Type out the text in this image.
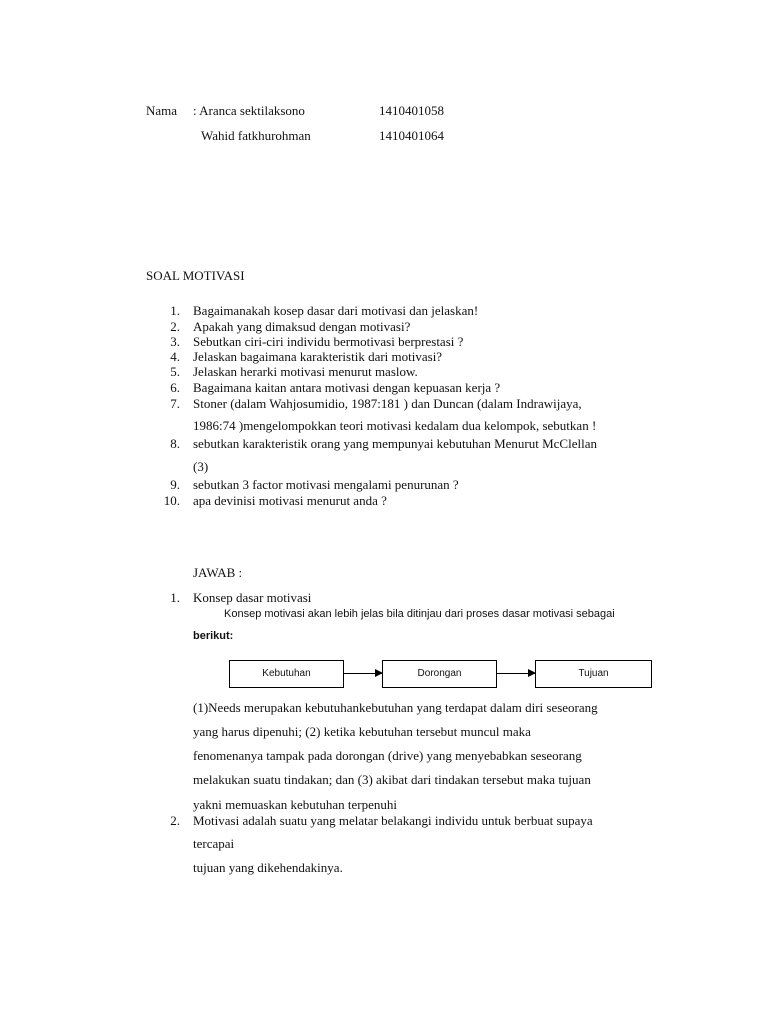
Nama : Aranca sektilaksono	1410401058
Wahid fatkhurohman	1410401064
SOAL MOTIVASI
1. Bagaimanakah kosep dasar dari motivasi dan jelaskan!
2. Apakah yang dimaksud dengan motivasi?
3. Sebutkan ciri-ciri individu bermotivasi berprestasi ?
4. Jelaskan bagaimana karakteristik dari motivasi?
5. Jelaskan herarki motivasi menurut maslow.
6. Bagaimana kaitan antara motivasi dengan kepuasan kerja ?
7. Stoner (dalam Wahjosumidio, 1987:181 ) dan Duncan (dalam Indrawijaya,
1986:74 )mengelompokkan teori motivasi kedalam dua kelompok, sebutkan !
8. sebutkan karakteristik orang yang mempunyai kebutuhan Menurut McClellan
(3)
9. sebutkan 3 factor motivasi mengalami penurunan ?
10. apa devinisi motivasi menurut anda ?
JAWAB :
1. Konsep dasar motivasi
Konsep motivasi akan lebih jelas bila ditinjau dari proses dasar motivasi sebagai
berikut:
Kebutuhan	Dorongan	Tujuan
(1)Needs merupakan kebutuhankebutuhan yang terdapat dalam diri seseorang
yang harus dipenuhi; (2) ketika kebutuhan tersebut muncul maka
fenomenanya tampak pada dorongan (drive) yang menyebabkan seseorang
melakukan suatu tindakan; dan (3) akibat dari tindakan tersebut maka tujuan
yakni memuaskan kebutuhan terpenuhi
2. Motivasi adalah suatu yang melatar belakangi individu untuk berbuat supaya
tercapai
tujuan yang dikehendakinya.
